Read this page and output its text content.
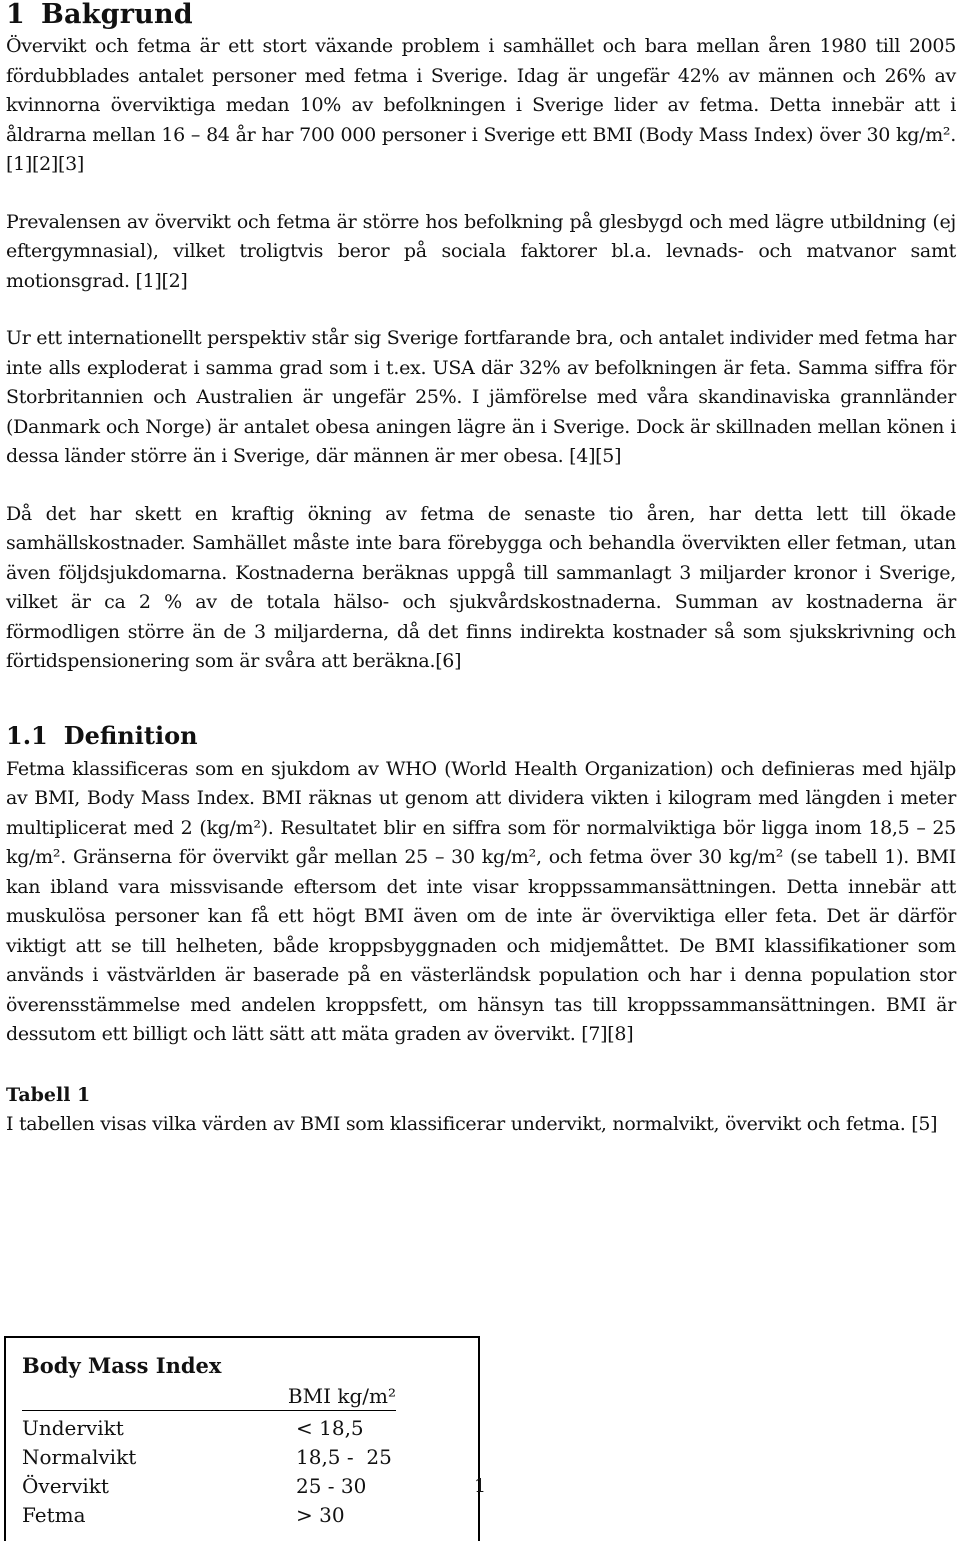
1 Bakgrund

Övervikt och fetma är ett stort växande problem i samhället och bara mellan åren 1980 till 2005 fördubblades antalet personer med fetma i Sverige. Idag är ungefär 42% av männen och 26% av kvinnorna överviktiga medan 10% av befolkningen i Sverige lider av fetma. Detta innebär att i åldrarna mellan 16 – 84 år har 700 000 personer i Sverige ett BMI (Body Mass Index) över 30 kg/m². [1][2][3]

Prevalensen av övervikt och fetma är större hos befolkning på glesbygd och med lägre utbildning (ej eftergymnasial), vilket troligtvis beror på sociala faktorer bl.a. levnads- och matvanor samt motionsgrad. [1][2]

Ur ett internationellt perspektiv står sig Sverige fortfarande bra, och antalet individer med fetma har inte alls exploderat i samma grad som i t.ex. USA där 32% av befolkningen är feta. Samma siffra för Storbritannien och Australien är ungefär 25%. I jämförelse med våra skandinaviska grannländer (Danmark och Norge) är antalet obesa aningen lägre än i Sverige. Dock är skillnaden mellan könen i dessa länder större än i Sverige, där männen är mer obesa. [4][5]

Då det har skett en kraftig ökning av fetma de senaste tio åren, har detta lett till ökade samhällskostnader. Samhället måste inte bara förebygga och behandla övervikten eller fetman, utan även följdsjukdomarna. Kostnaderna beräknas uppgå till sammanlagt 3 miljarder kronor i Sverige, vilket är ca 2 % av de totala hälso- och sjukvårdskostnaderna. Summan av kostnaderna är förmodligen större än de 3 miljarderna, då det finns indirekta kostnader så som sjukskrivning och förtidspensionering som är svåra att beräkna.[6]

1.1 Definition

Fetma klassificeras som en sjukdom av WHO (World Health Organization) och definieras med hjälp av BMI, Body Mass Index. BMI räknas ut genom att dividera vikten i kilogram med längden i meter multiplicerat med 2 (kg/m²). Resultatet blir en siffra som för normalviktiga bör ligga inom 18,5 – 25 kg/m². Gränserna för övervikt går mellan 25 – 30 kg/m², och fetma över 30 kg/m² (se tabell 1). BMI kan ibland vara missvisande eftersom det inte visar kroppssammansättningen. Detta innebär att muskulösa personer kan få ett högt BMI även om de inte är överviktiga eller feta. Det är därför viktigt att se till helheten, både kroppsbyggnaden och midjemåttet. De BMI klassifikationer som används i västvärlden är baserade på en västerländsk population och har i denna population stor överensstämmelse med andelen kroppsfett, om hänsyn tas till kroppssammansättningen. BMI är dessutom ett billigt och lätt sätt att mäta graden av övervikt. [7][8]

Tabell 1

I tabellen visas vilka värden av BMI som klassificerar undervikt, normalvikt, övervikt och fetma. [5]

Body Mass Index
BMI kg/m²
Undervikt	< 18,5
Normalvikt	18,5 -  25
Övervikt	25 - 30
Fetma	> 30
1
